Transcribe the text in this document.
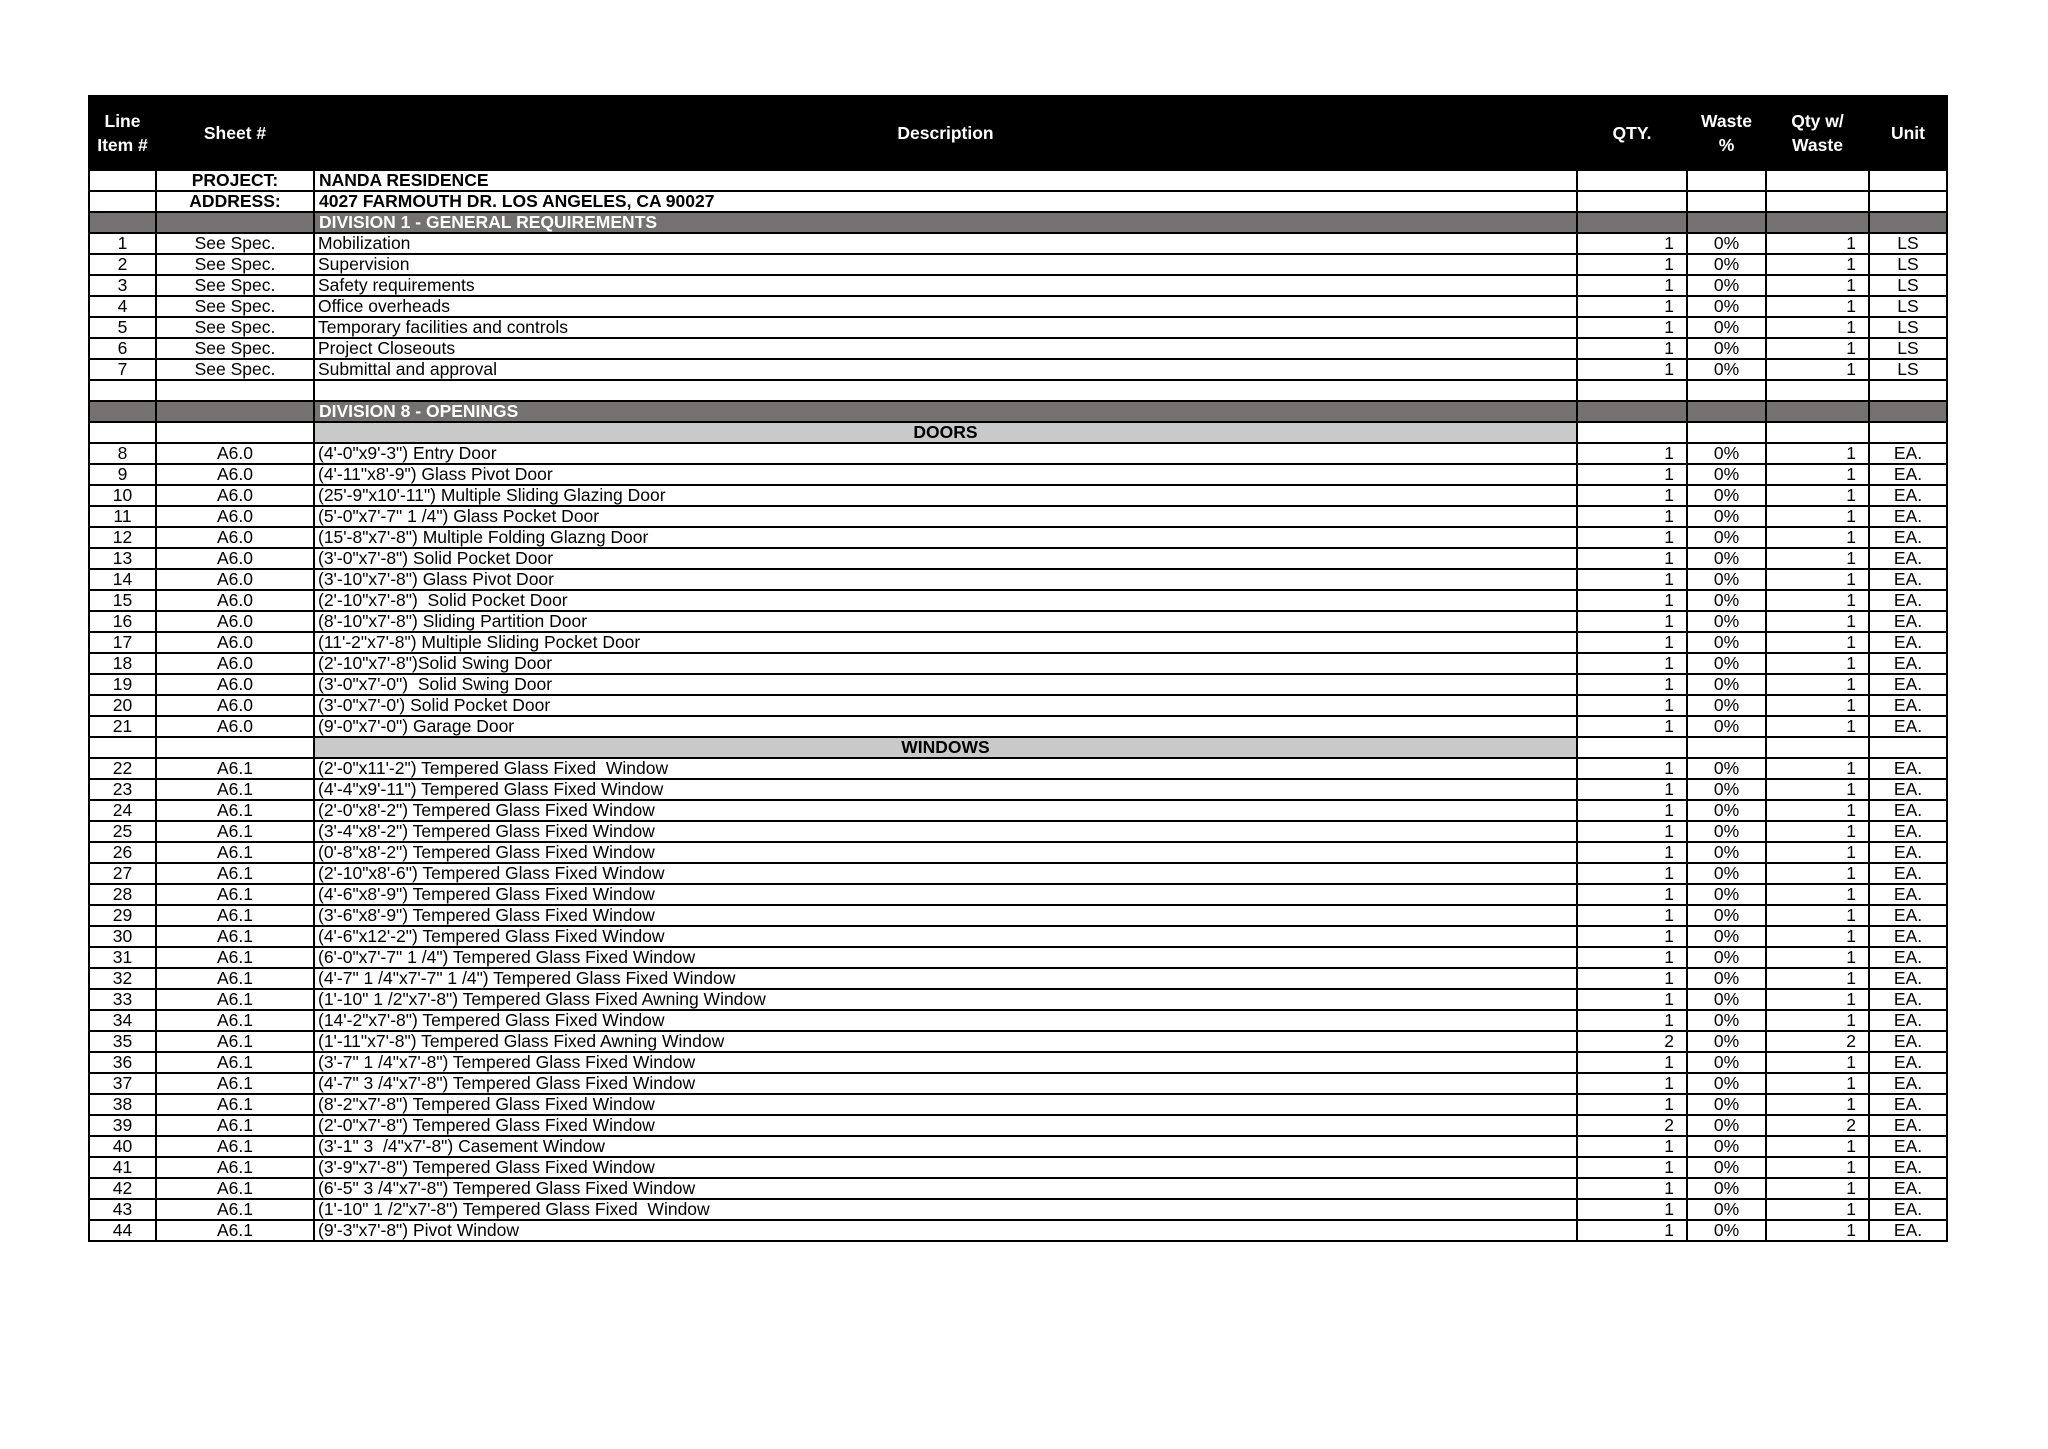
Line Item #	Sheet #	Description	QTY.	Waste %	Qty w/ Waste	Unit
	PROJECT:	NANDA RESIDENCE				
	ADDRESS:	4027 FARMOUTH DR. LOS ANGELES, CA 90027				
		DIVISION 1 - GENERAL REQUIREMENTS				
1	See Spec.	Mobilization	1	0%	1	LS
2	See Spec.	Supervision	1	0%	1	LS
3	See Spec.	Safety requirements	1	0%	1	LS
4	See Spec.	Office overheads	1	0%	1	LS
5	See Spec.	Temporary facilities and controls	1	0%	1	LS
6	See Spec.	Project Closeouts	1	0%	1	LS
7	See Spec.	Submittal and approval	1	0%	1	LS

		DIVISION 8 - OPENINGS				
		DOORS				
8	A6.0	(4'-0"x9'-3") Entry Door	1	0%	1	EA.
9	A6.0	(4'-11"x8'-9") Glass Pivot Door	1	0%	1	EA.
10	A6.0	(25'-9"x10'-11") Multiple Sliding Glazing Door	1	0%	1	EA.
11	A6.0	(5'-0"x7'-7" 1 /4") Glass Pocket Door	1	0%	1	EA.
12	A6.0	(15'-8"x7'-8") Multiple Folding Glazng Door	1	0%	1	EA.
13	A6.0	(3'-0"x7'-8") Solid Pocket Door	1	0%	1	EA.
14	A6.0	(3'-10"x7'-8") Glass Pivot Door	1	0%	1	EA.
15	A6.0	(2'-10"x7'-8")  Solid Pocket Door	1	0%	1	EA.
16	A6.0	(8'-10"x7'-8") Sliding Partition Door	1	0%	1	EA.
17	A6.0	(11'-2"x7'-8") Multiple Sliding Pocket Door	1	0%	1	EA.
18	A6.0	(2'-10"x7'-8")Solid Swing Door	1	0%	1	EA.
19	A6.0	(3'-0"x7'-0")  Solid Swing Door	1	0%	1	EA.
20	A6.0	(3'-0"x7'-0') Solid Pocket Door	1	0%	1	EA.
21	A6.0	(9'-0"x7'-0") Garage Door	1	0%	1	EA.
		WINDOWS				
22	A6.1	(2'-0"x11'-2") Tempered Glass Fixed  Window	1	0%	1	EA.
23	A6.1	(4'-4"x9'-11") Tempered Glass Fixed Window	1	0%	1	EA.
24	A6.1	(2'-0"x8'-2") Tempered Glass Fixed Window	1	0%	1	EA.
25	A6.1	(3'-4"x8'-2") Tempered Glass Fixed Window	1	0%	1	EA.
26	A6.1	(0'-8"x8'-2") Tempered Glass Fixed Window	1	0%	1	EA.
27	A6.1	(2'-10"x8'-6") Tempered Glass Fixed Window	1	0%	1	EA.
28	A6.1	(4'-6"x8'-9") Tempered Glass Fixed Window	1	0%	1	EA.
29	A6.1	(3'-6"x8'-9") Tempered Glass Fixed Window	1	0%	1	EA.
30	A6.1	(4'-6"x12'-2") Tempered Glass Fixed Window	1	0%	1	EA.
31	A6.1	(6'-0"x7'-7" 1 /4") Tempered Glass Fixed Window	1	0%	1	EA.
32	A6.1	(4'-7" 1 /4"x7'-7" 1 /4") Tempered Glass Fixed Window	1	0%	1	EA.
33	A6.1	(1'-10" 1 /2"x7'-8") Tempered Glass Fixed Awning Window	1	0%	1	EA.
34	A6.1	(14'-2"x7'-8") Tempered Glass Fixed Window	1	0%	1	EA.
35	A6.1	(1'-11"x7'-8") Tempered Glass Fixed Awning Window	2	0%	2	EA.
36	A6.1	(3'-7" 1 /4"x7'-8") Tempered Glass Fixed Window	1	0%	1	EA.
37	A6.1	(4'-7" 3 /4"x7'-8") Tempered Glass Fixed Window	1	0%	1	EA.
38	A6.1	(8'-2"x7'-8") Tempered Glass Fixed Window	1	0%	1	EA.
39	A6.1	(2'-0"x7'-8") Tempered Glass Fixed Window	2	0%	2	EA.
40	A6.1	(3'-1" 3  /4"x7'-8") Casement Window	1	0%	1	EA.
41	A6.1	(3'-9"x7'-8") Tempered Glass Fixed Window	1	0%	1	EA.
42	A6.1	(6'-5" 3 /4"x7'-8") Tempered Glass Fixed Window	1	0%	1	EA.
43	A6.1	(1'-10" 1 /2"x7'-8") Tempered Glass Fixed  Window	1	0%	1	EA.
44	A6.1	(9'-3"x7'-8") Pivot Window	1	0%	1	EA.
